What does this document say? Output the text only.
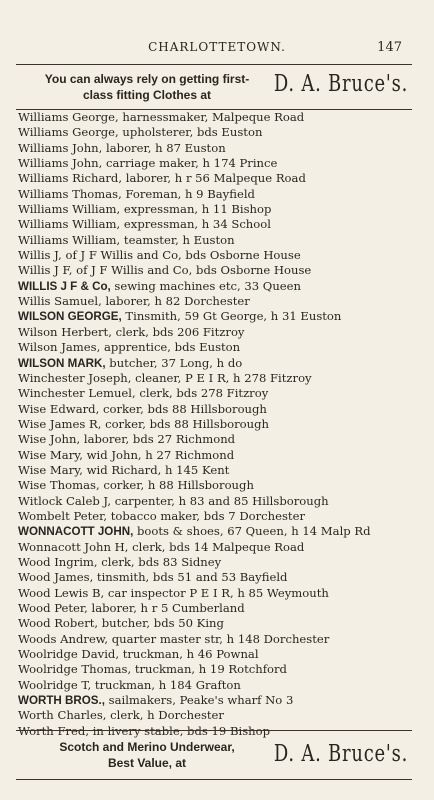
CHARLOTTETOWN.	147
You can always rely on getting first-
class fitting Clothes at	D. A. Bruce's.
Williams George, harnessmaker, Malpeque Road
Williams George, upholsterer, bds Euston
Williams John, laborer, h 87 Euston
Williams John, carriage maker, h 174 Prince
Williams Richard, laborer, h r 56 Malpeque Road
Williams Thomas, Foreman, h 9 Bayfield
Williams William, expressman, h 11 Bishop
Williams William, expressman, h 34 School
Williams William, teamster, h Euston
Willis J, of J F Willis and Co, bds Osborne House
Willis J F, of J F Willis and Co, bds Osborne House
WILLIS J F & Co, sewing machines etc, 33 Queen
Willis Samuel, laborer, h 82 Dorchester
WILSON GEORGE, Tinsmith, 59 Gt George, h 31 Euston
Wilson Herbert, clerk, bds 206 Fitzroy
Wilson James, apprentice, bds Euston
WILSON MARK, butcher, 37 Long, h do
Winchester Joseph, cleaner, P E I R, h 278 Fitzroy
Winchester Lemuel, clerk, bds 278 Fitzroy
Wise Edward, corker, bds 88 Hillsborough
Wise James R, corker, bds 88 Hillsborough
Wise John, laborer, bds 27 Richmond
Wise Mary, wid John, h 27 Richmond
Wise Mary, wid Richard, h 145 Kent
Wise Thomas, corker, h 88 Hillsborough
Witlock Caleb J, carpenter, h 83 and 85 Hillsborough
Wombelt Peter, tobacco maker, bds 7 Dorchester
WONNACOTT JOHN, boots & shoes, 67 Queen, h 14 Malp Rd
Wonnacott John H, clerk, bds 14 Malpeque Road
Wood Ingrim, clerk, bds 83 Sidney
Wood James, tinsmith, bds 51 and 53 Bayfield
Wood Lewis B, car inspector P E I R, h 85 Weymouth
Wood Peter, laborer, h r 5 Cumberland
Wood Robert, butcher, bds 50 King
Woods Andrew, quarter master str, h 148 Dorchester
Woolridge David, truckman, h 46 Pownal
Woolridge Thomas, truckman, h 19 Rotchford
Woolridge T, truckman, h 184 Grafton
WORTH BROS., sailmakers, Peake's wharf No 3
Worth Charles, clerk, h Dorchester
Worth Fred, in livery stable, bds 19 Bishop
Scotch and Merino Underwear,
Best Value, at	D. A. Bruce's.
